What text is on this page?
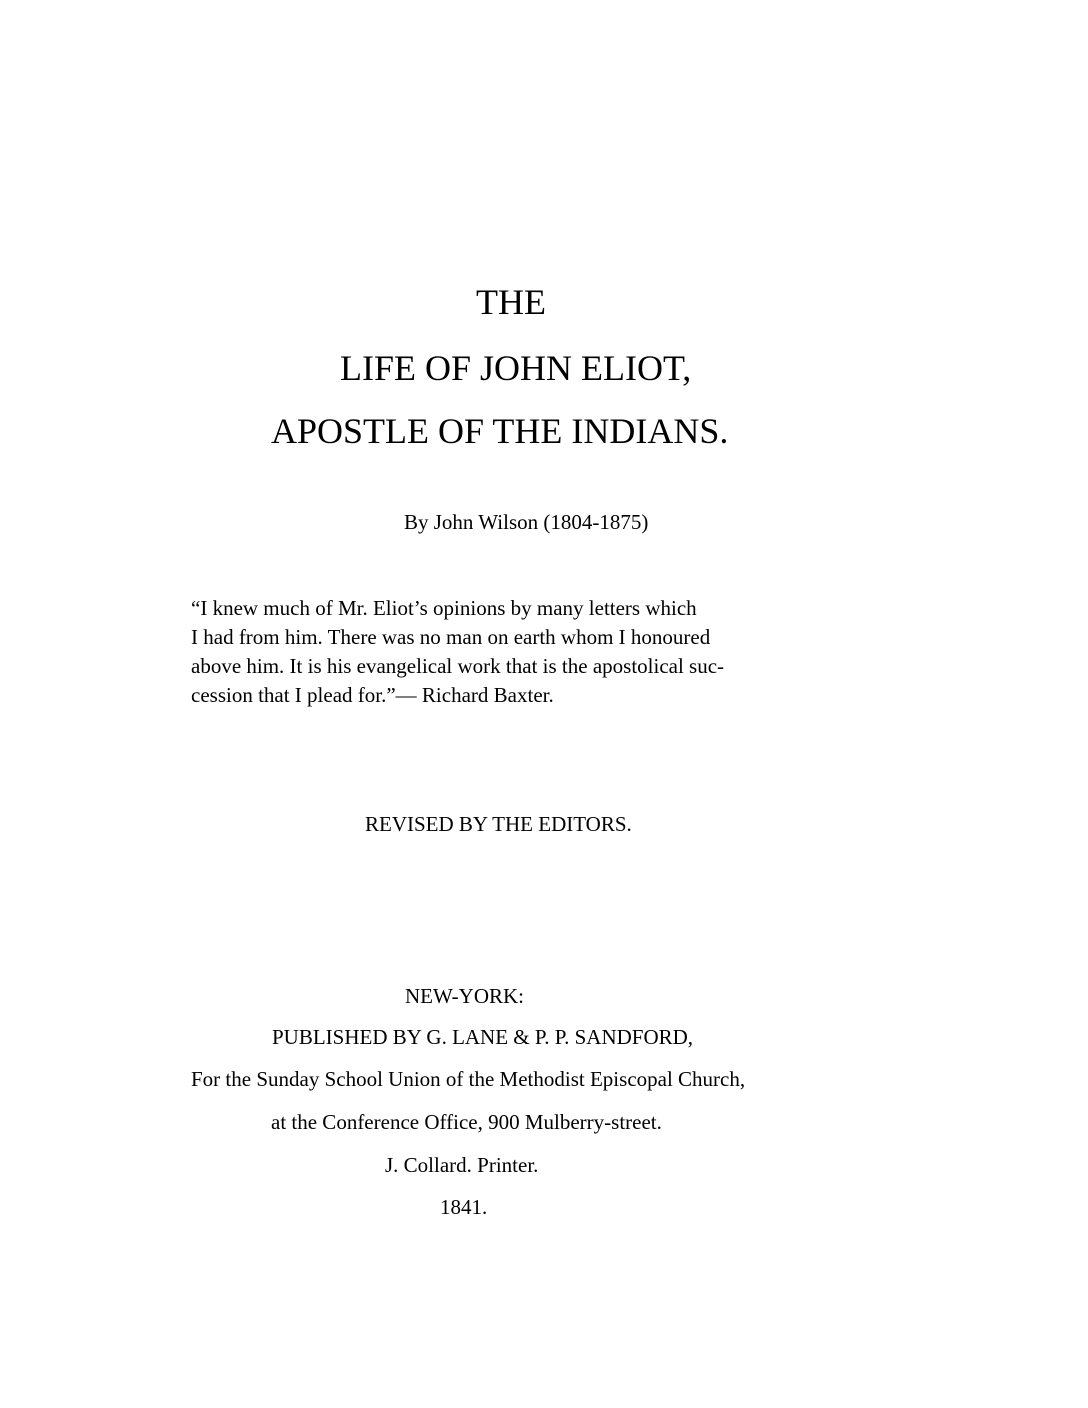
THE
LIFE OF JOHN ELIOT,
APOSTLE OF THE INDIANS.
By John Wilson (1804-1875)
“I knew much of Mr. Eliot’s opinions by many letters which
I had from him. There was no man on earth whom I honoured
above him. It is his evangelical work that is the apostolical suc-
cession that I plead for.”— Richard Baxter.
REVISED BY THE EDITORS.
NEW-YORK:
PUBLISHED BY G. LANE & P. P. SANDFORD,
For the Sunday School Union of the Methodist Episcopal Church,
at the Conference Office, 900 Mulberry-street.
J. Collard. Printer.
1841.
